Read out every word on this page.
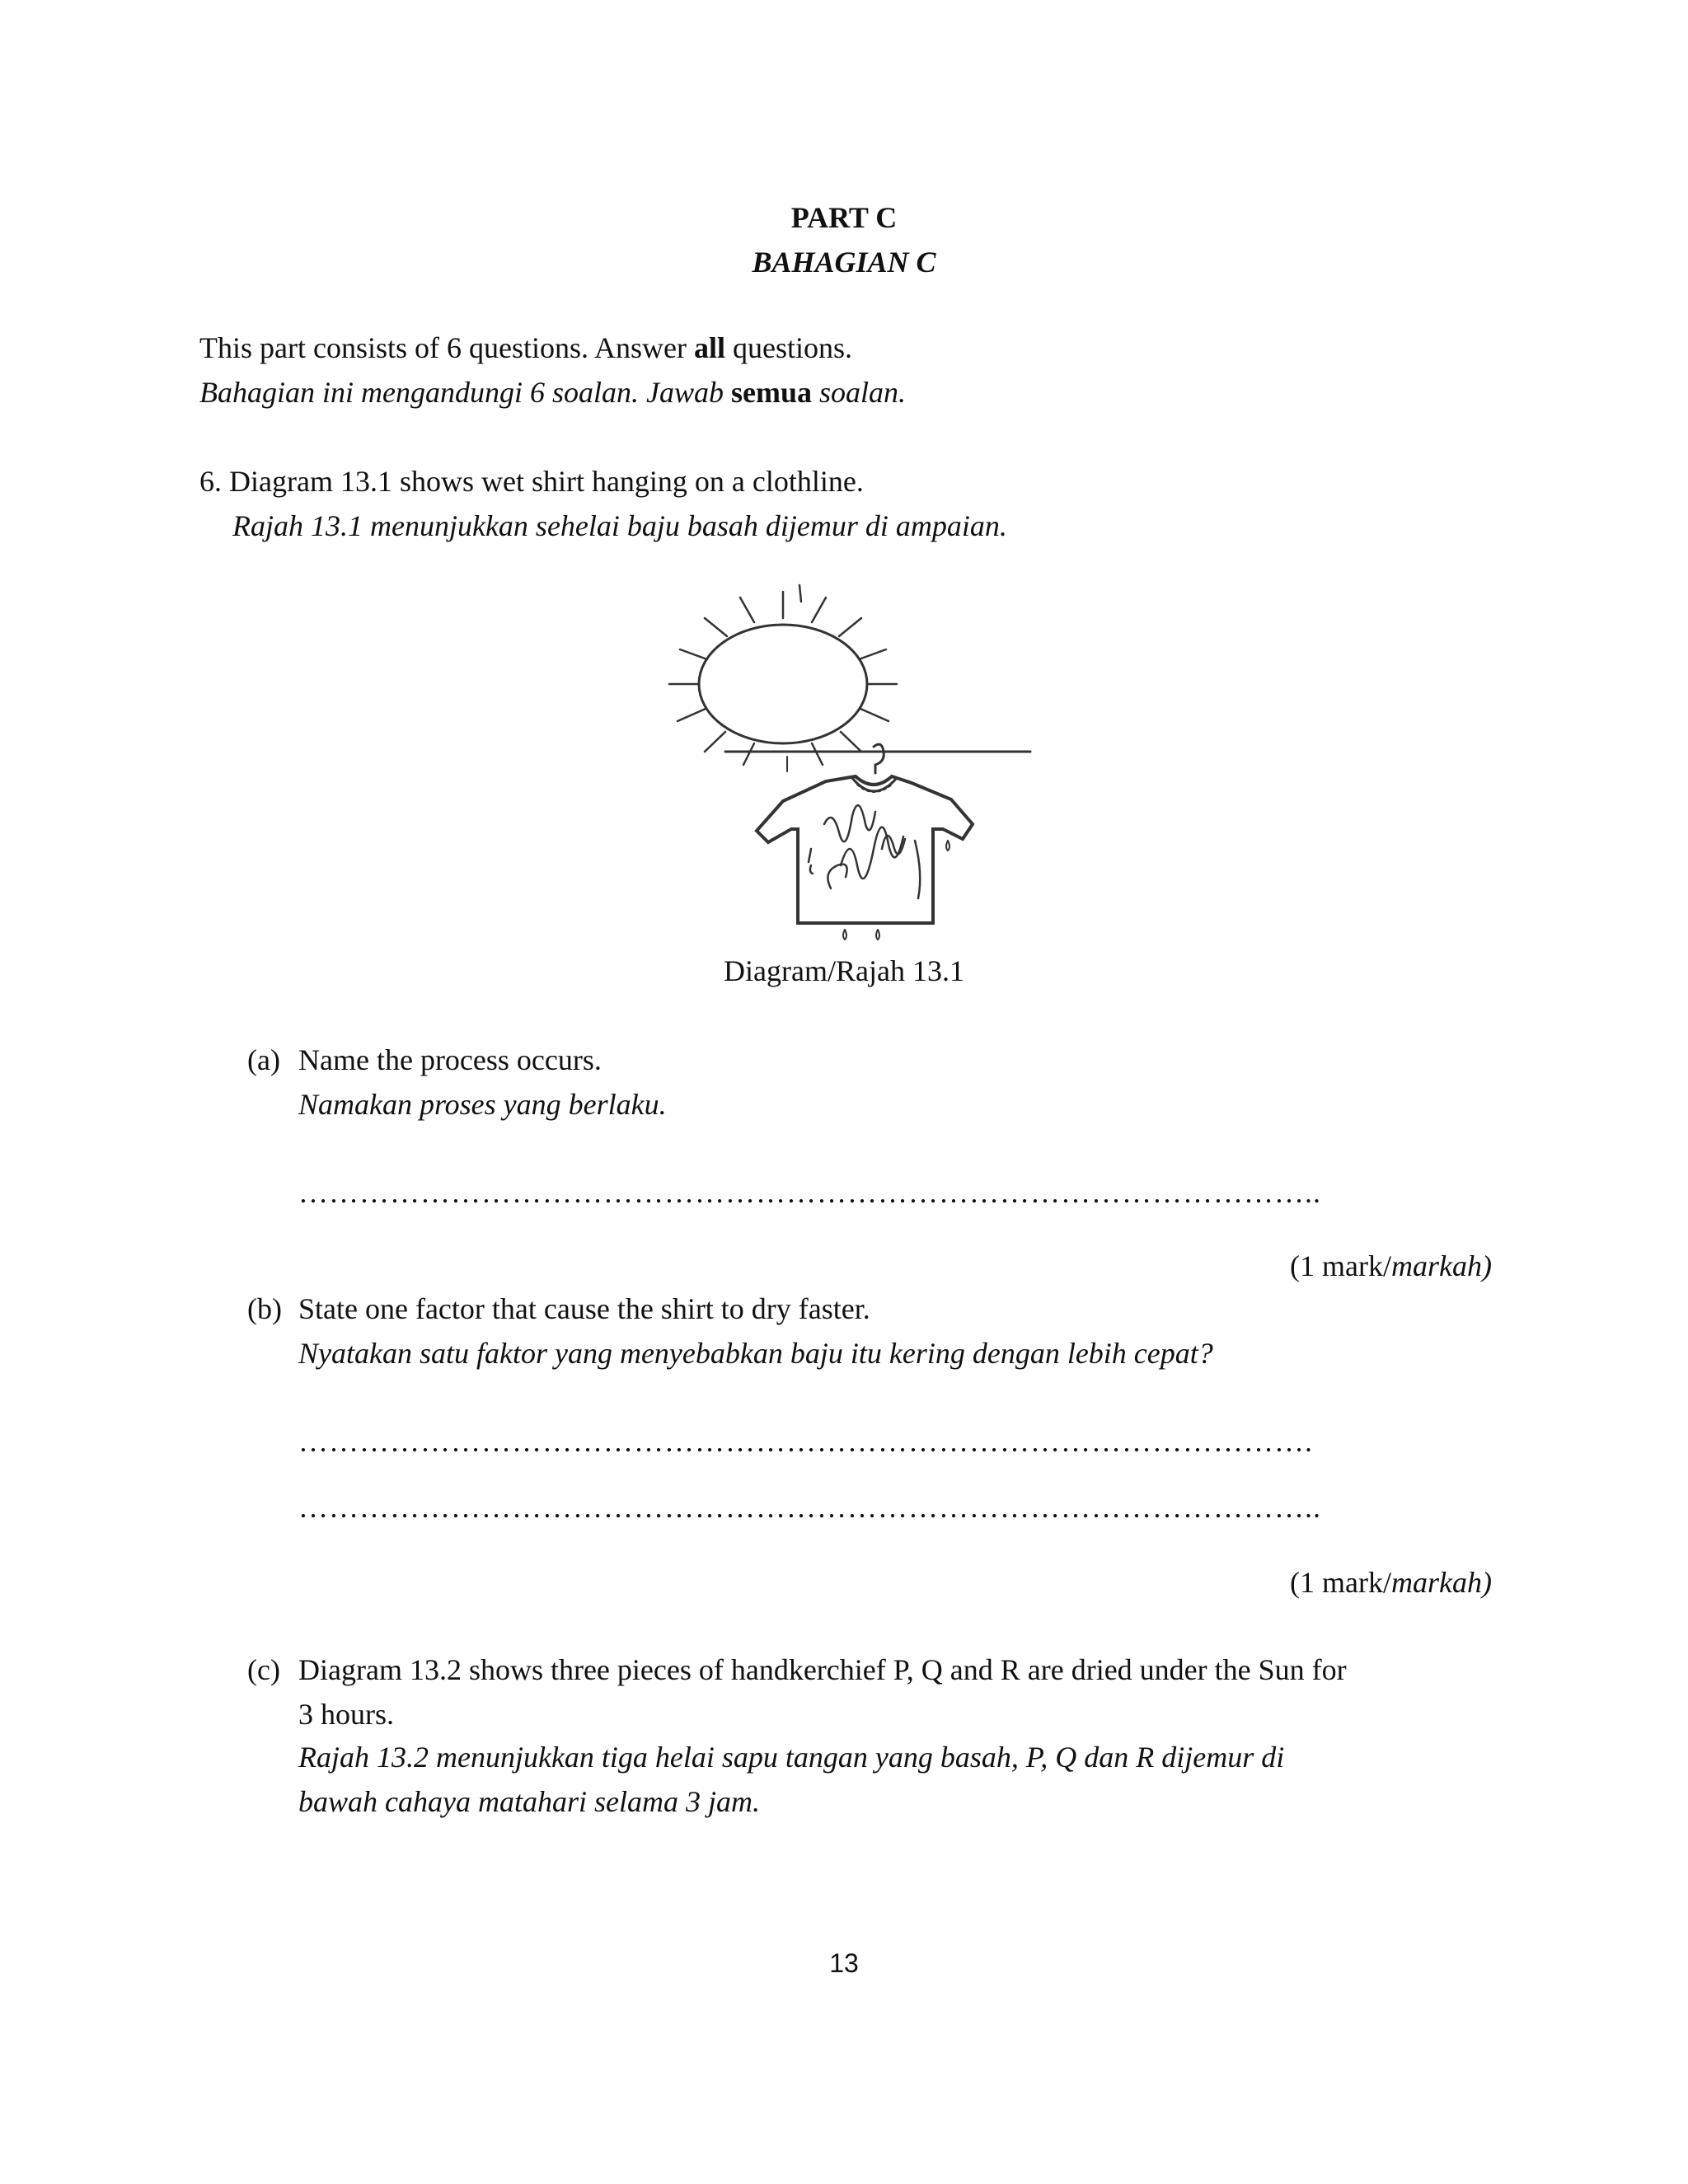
PART C
BAHAGIAN C
This part consists of 6 questions. Answer all questions.
Bahagian ini mengandungi 6 soalan. Jawab semua soalan.
6. Diagram 13.1 shows wet shirt hanging on a clothline.
Rajah 13.1 menunjukkan sehelai baju basah dijemur di ampaian.
Diagram/Rajah 13.1
(a) Name the process occurs.
Namakan proses yang berlaku.
………………………………………………………………………………………..
(1 mark/markah)
(b) State one factor that cause the shirt to dry faster.
Nyatakan satu faktor yang menyebabkan baju itu kering dengan lebih cepat?
……………………………………………………………………………………….
………………………………………………………………………………………..
(1 mark/markah)
(c) Diagram 13.2 shows three pieces of handkerchief P, Q and R are dried under the Sun for
3 hours.
Rajah 13.2 menunjukkan tiga helai sapu tangan yang basah, P, Q dan R dijemur di
bawah cahaya matahari selama 3 jam.
13
